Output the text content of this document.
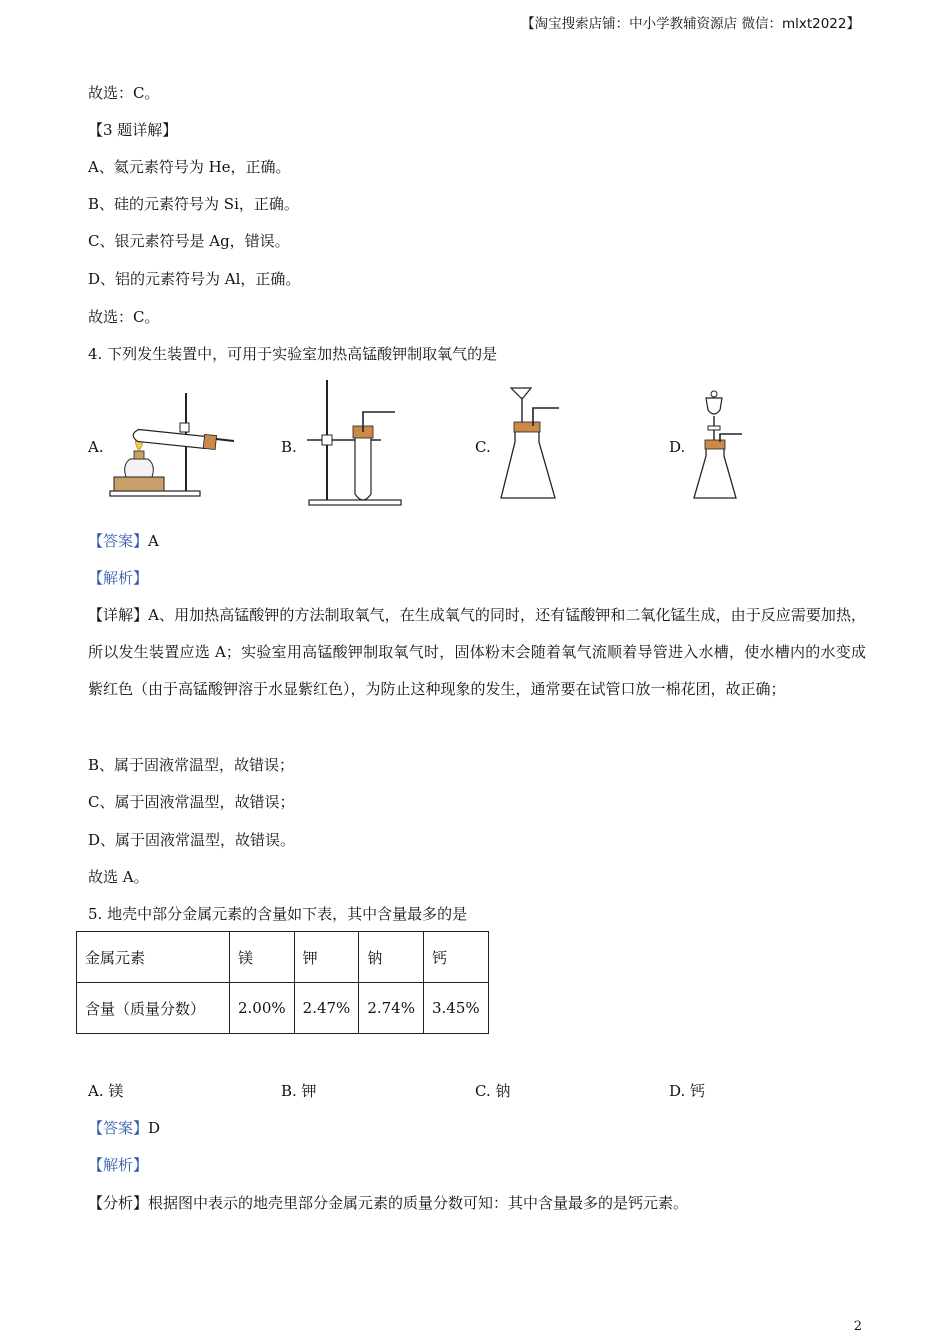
【淘宝搜索店铺：中小学教辅资源店 微信：mlxt2022】
故选：C。
【3 题详解】
A、氦元素符号为 He，正确。
B、硅的元素符号为 Si，正确。
C、银元素符号是 Ag，错误。
D、铝的元素符号为 Al，正确。
故选：C。
4. 下列发生装置中，可用于实验室加热高锰酸钾制取氧气的是
A.	B.	C.	D.
【答案】A
【解析】
【详解】A、用加热高锰酸钾的方法制取氧气，在生成氧气的同时，还有锰酸钾和二氧化锰生成，由于反应需要加热，所以发生装置应选 A；实验室用高锰酸钾制取氧气时，固体粉末会随着氧气流顺着导管进入水槽，使水槽内的水变成紫红色（由于高锰酸钾溶于水显紫红色），为防止这种现象的发生，通常要在试管口放一棉花团，故正确；
B、属于固液常温型，故错误；
C、属于固液常温型，故错误；
D、属于固液常温型，故错误。
故选 A。
5. 地壳中部分金属元素的含量如下表，其中含量最多的是
金属元素	镁	钾	钠	钙
含量（质量分数）	2.00%	2.47%	2.74%	3.45%
A. 镁	B. 钾	C. 钠	D. 钙
【答案】D
【解析】
【分析】根据图中表示的地壳里部分金属元素的质量分数可知：其中含量最多的是钙元素。
2
